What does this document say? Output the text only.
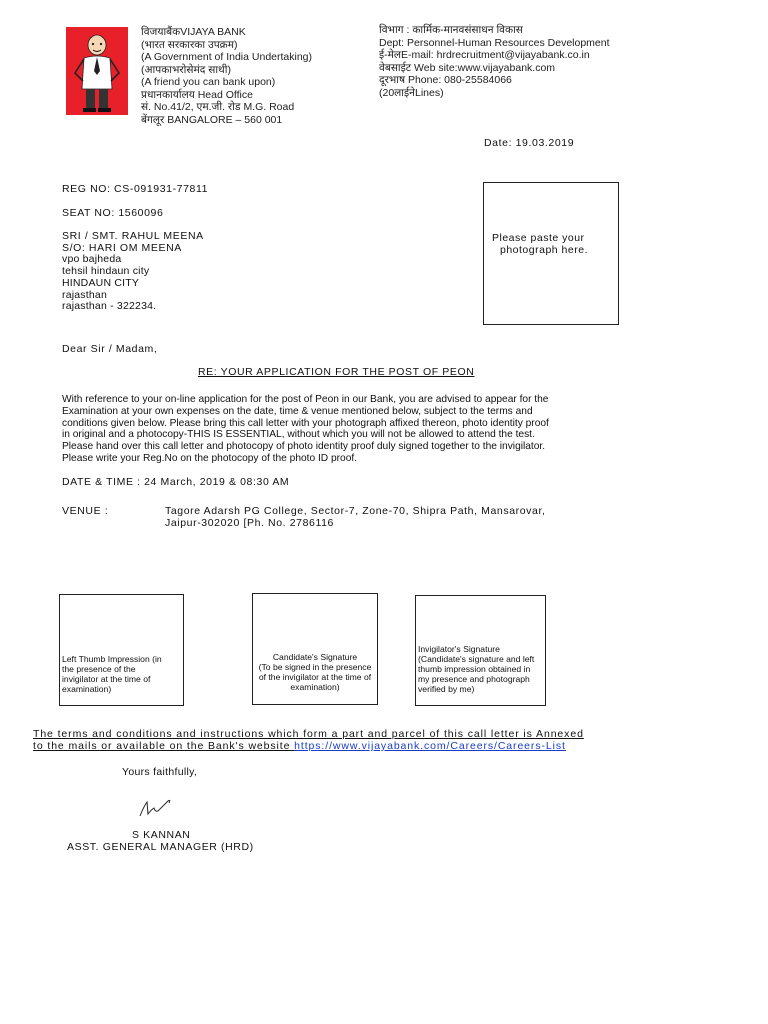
विजयाबैंकVIJAYA BANK
(भारत सरकारका उपक्रम)
(A Government of India Undertaking)
(आपकाभरोसेमंद साथी)
(A friend you can bank upon)
प्रधानकार्यालय Head Office
सं. No.41/2, एम.जी. रोड M.G. Road
बेंगलूर BANGALORE – 560 001
विभाग : कार्मिक-मानवसंसाधन विकास
Dept: Personnel-Human Resources Development
ई-मेलE-mail: hrdrecruitment@vijayabank.co.in
वेबसाईट Web site:www.vijayabank.com
दूरभाष Phone: 080-25584066
(20लाईनेLines)
Date: 19.03.2019
REG NO: CS-091931-77811
SEAT NO: 1560096
SRI / SMT. RAHUL MEENA
S/O: HARI OM MEENA
vpo bajheda
tehsil hindaun city
HINDAUN CITY
rajasthan
rajasthan - 322234.
Please paste your
photograph here.
Dear Sir / Madam,
RE: YOUR APPLICATION FOR THE POST OF PEON
With reference to your on-line application for the post of Peon in our Bank, you are advised to appear for the
Examination at your own expenses on the date, time & venue mentioned below, subject to the terms and
conditions given below. Please bring this call letter with your photograph affixed thereon, photo identity proof
in original and a photocopy-THIS IS ESSENTIAL, without which you will not be allowed to attend the test.
Please hand over this call letter and photocopy of photo identity proof duly signed together to the invigilator.
Please write your Reg.No on the photocopy of the photo ID proof.
DATE & TIME : 24 March, 2019 & 08:30 AM
VENUE :	Tagore Adarsh PG College, Sector-7, Zone-70, Shipra Path, Mansarovar,
Jaipur-302020 [Ph. No. 2786116
Left Thumb Impression (in
the presence of the
invigilator at the time of
examination)
Candidate's Signature
(To be signed in the presence
of the invigilator at the time of
examination)
Invigilator's Signature
(Candidate's signature and left
thumb impression obtained in
my presence and photograph
verified by me)
The terms and conditions and instructions which form a part and parcel of this call letter is Annexed
to the mails or available on the Bank's website https://www.vijayabank.com/Careers/Careers-List
Yours faithfully,
S KANNAN
ASST. GENERAL MANAGER (HRD)
